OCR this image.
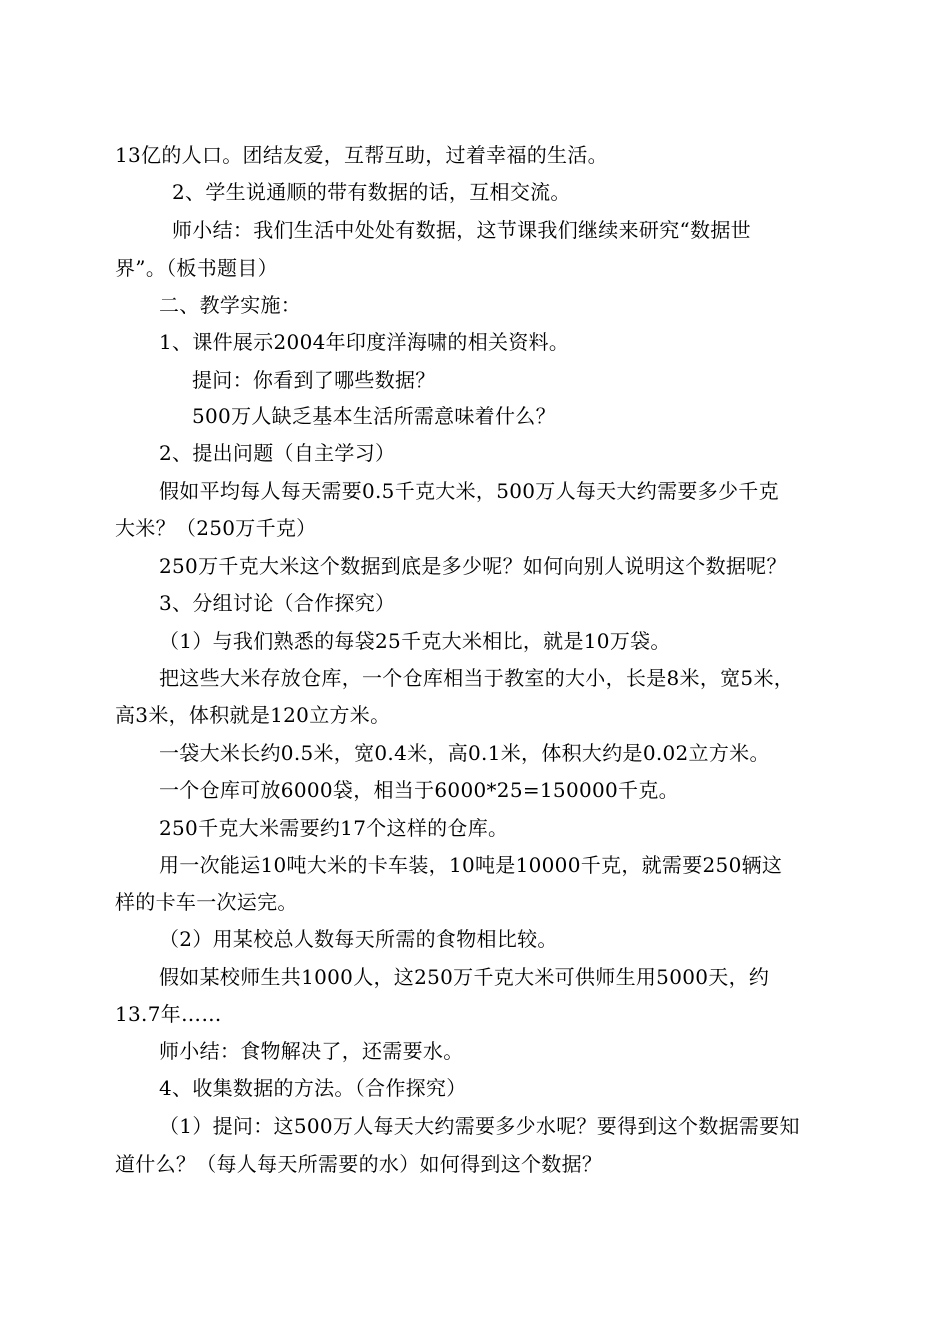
13亿的人口。团结友爱，互帮互助，过着幸福的生活。
2、学生说通顺的带有数据的话，互相交流。
师小结：我们生活中处处有数据，这节课我们继续来研究“数据世
界”。（板书题目）
二、教学实施：
1、课件展示2004年印度洋海啸的相关资料。
提问：你看到了哪些数据？
500万人缺乏基本生活所需意味着什么？
2、提出问题（自主学习）
假如平均每人每天需要0.5千克大米，500万人每天大约需要多少千克
大米？（250万千克）
250万千克大米这个数据到底是多少呢？如何向别人说明这个数据呢？
3、分组讨论（合作探究）
（1）与我们熟悉的每袋25千克大米相比，就是10万袋。
把这些大米存放仓库，一个仓库相当于教室的大小，长是8米，宽5米，
高3米，体积就是120立方米。
一袋大米长约0.5米，宽0.4米，高0.1米，体积大约是0.02立方米。
一个仓库可放6000袋，相当于6000*25=150000千克。
250千克大米需要约17个这样的仓库。
用一次能运10吨大米的卡车装，10吨是10000千克，就需要250辆这
样的卡车一次运完。
（2）用某校总人数每天所需的食物相比较。
假如某校师生共1000人，这250万千克大米可供师生用5000天，约
13.7年……
师小结：食物解决了，还需要水。
4、收集数据的方法。（合作探究）
（1）提问：这500万人每天大约需要多少水呢？要得到这个数据需要知
道什么？（每人每天所需要的水）如何得到这个数据？
